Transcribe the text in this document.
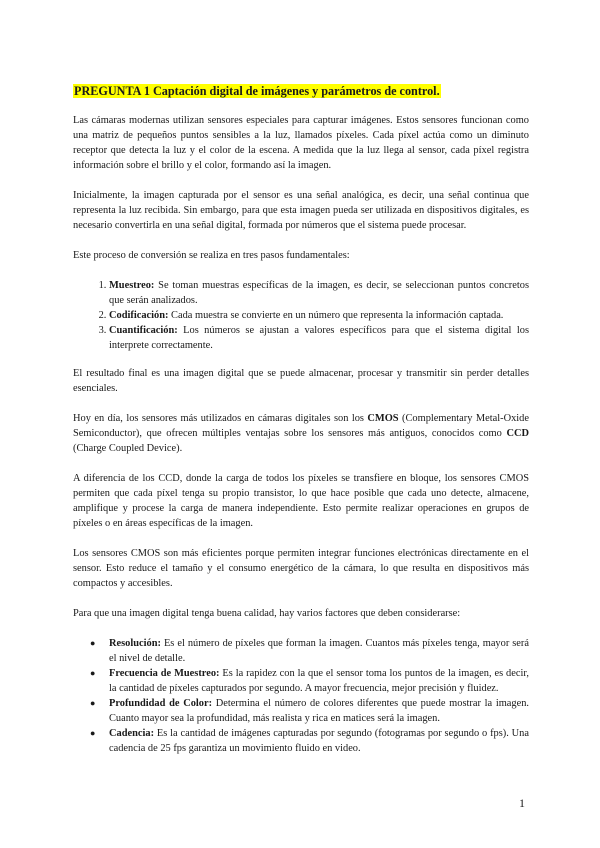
PREGUNTA 1 Captación digital de imágenes y parámetros de control.

Las cámaras modernas utilizan sensores especiales para capturar imágenes. Estos sensores funcionan como una matriz de pequeños puntos sensibles a la luz, llamados píxeles. Cada píxel actúa como un diminuto receptor que detecta la luz y el color de la escena. A medida que la luz llega al sensor, cada píxel registra información sobre el brillo y el color, formando así la imagen.

Inicialmente, la imagen capturada por el sensor es una señal analógica, es decir, una señal continua que representa la luz recibida. Sin embargo, para que esta imagen pueda ser utilizada en dispositivos digitales, es necesario convertirla en una señal digital, formada por números que el sistema puede procesar.

Este proceso de conversión se realiza en tres pasos fundamentales:

1. Muestreo: Se toman muestras específicas de la imagen, es decir, se seleccionan puntos concretos que serán analizados.
2. Codificación: Cada muestra se convierte en un número que representa la información captada.
3. Cuantificación: Los números se ajustan a valores específicos para que el sistema digital los interprete correctamente.

El resultado final es una imagen digital que se puede almacenar, procesar y transmitir sin perder detalles esenciales.

Hoy en día, los sensores más utilizados en cámaras digitales son los CMOS (Complementary Metal-Oxide Semiconductor), que ofrecen múltiples ventajas sobre los sensores más antiguos, conocidos como CCD (Charge Coupled Device).

A diferencia de los CCD, donde la carga de todos los píxeles se transfiere en bloque, los sensores CMOS permiten que cada píxel tenga su propio transistor, lo que hace posible que cada uno detecte, almacene, amplifique y procese la carga de manera independiente. Esto permite realizar operaciones en grupos de píxeles o en áreas específicas de la imagen.

Los sensores CMOS son más eficientes porque permiten integrar funciones electrónicas directamente en el sensor. Esto reduce el tamaño y el consumo energético de la cámara, lo que resulta en dispositivos más compactos y accesibles.

Para que una imagen digital tenga buena calidad, hay varios factores que deben considerarse:

● Resolución: Es el número de píxeles que forman la imagen. Cuantos más píxeles tenga, mayor será el nivel de detalle.
● Frecuencia de Muestreo: Es la rapidez con la que el sensor toma los puntos de la imagen, es decir, la cantidad de píxeles capturados por segundo. A mayor frecuencia, mejor precisión y fluidez.
● Profundidad de Color: Determina el número de colores diferentes que puede mostrar la imagen. Cuanto mayor sea la profundidad, más realista y rica en matices será la imagen.
● Cadencia: Es la cantidad de imágenes capturadas por segundo (fotogramas por segundo o fps). Una cadencia de 25 fps garantiza un movimiento fluido en video.
1
